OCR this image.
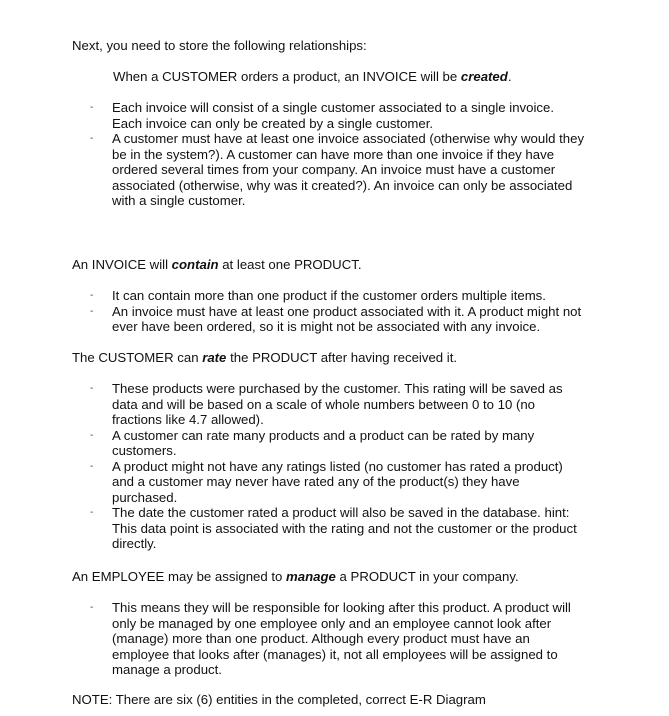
Next, you need to store the following relationships:
When a CUSTOMER orders a product, an INVOICE will be created.
- Each invoice will consist of a single customer associated to a single invoice.
Each invoice can only be created by a single customer.
- A customer must have at least one invoice associated (otherwise why would they
be in the system?). A customer can have more than one invoice if they have
ordered several times from your company. An invoice must have a customer
associated (otherwise, why was it created?). An invoice can only be associated
with a single customer.
An INVOICE will contain at least one PRODUCT.
- It can contain more than one product if the customer orders multiple items.
- An invoice must have at least one product associated with it. A product might not
ever have been ordered, so it is might not be associated with any invoice.
The CUSTOMER can rate the PRODUCT after having received it.
- These products were purchased by the customer. This rating will be saved as
data and will be based on a scale of whole numbers between 0 to 10 (no
fractions like 4.7 allowed).
- A customer can rate many products and a product can be rated by many
customers.
- A product might not have any ratings listed (no customer has rated a product)
and a customer may never have rated any of the product(s) they have
purchased.
- The date the customer rated a product will also be saved in the database. hint:
This data point is associated with the rating and not the customer or the product
directly.
An EMPLOYEE may be assigned to manage a PRODUCT in your company.
- This means they will be responsible for looking after this product. A product will
only be managed by one employee only and an employee cannot look after
(manage) more than one product. Although every product must have an
employee that looks after (manages) it, not all employees will be assigned to
manage a product.
NOTE: There are six (6) entities in the completed, correct E-R Diagram
